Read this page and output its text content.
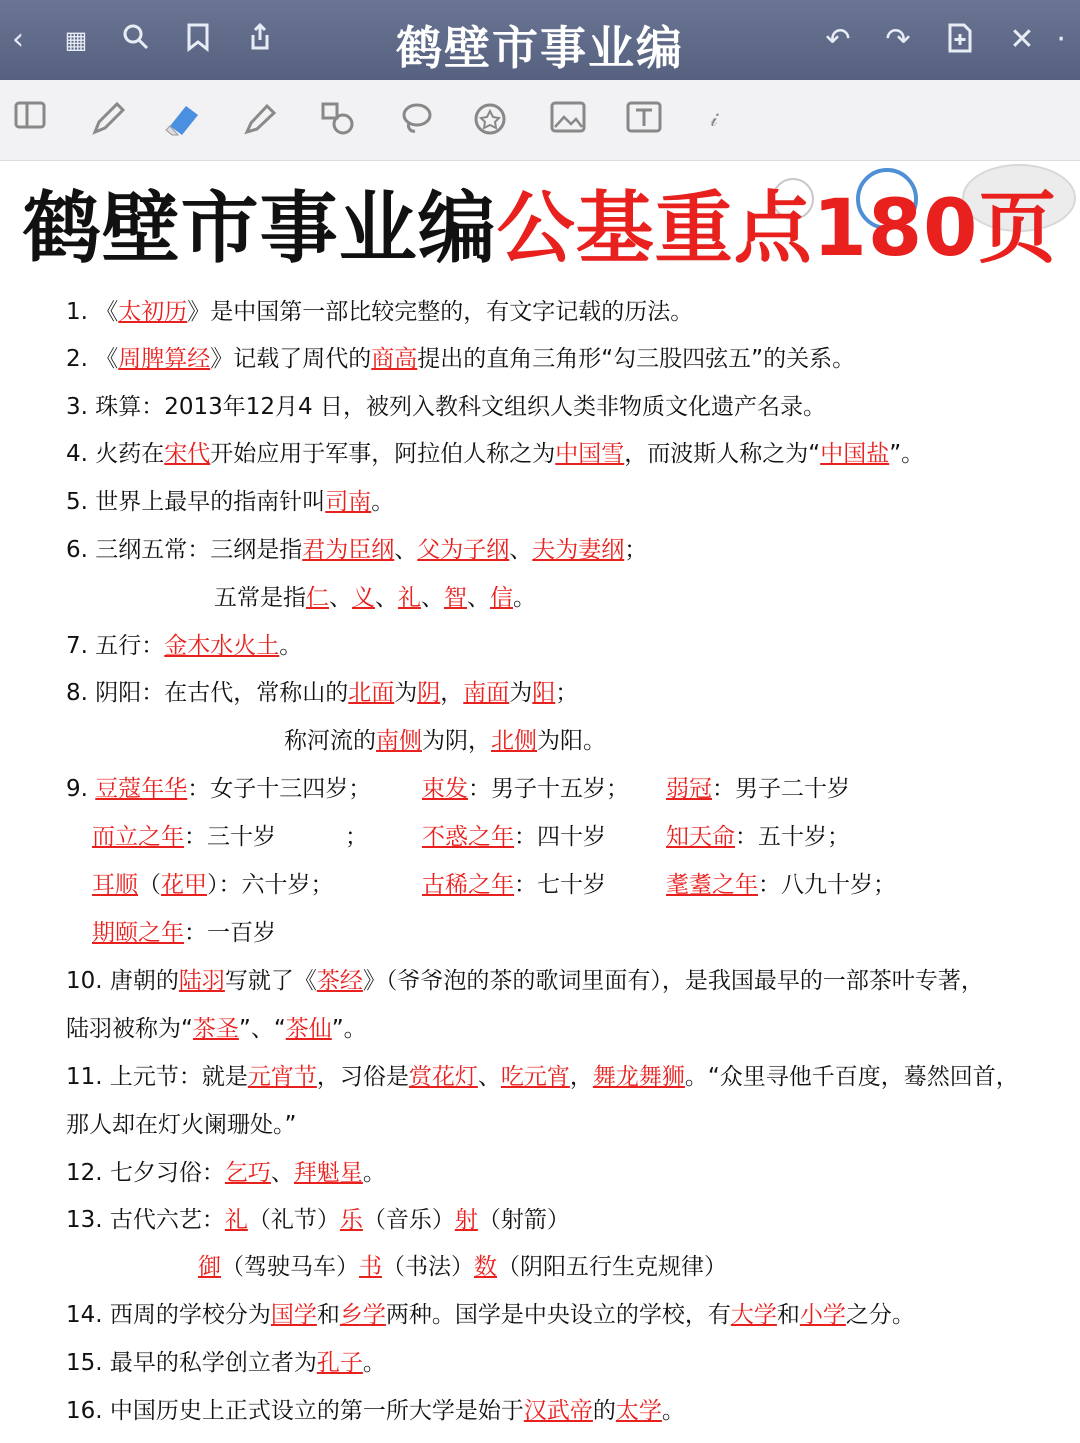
‹	▦	鹤壁市事业编	↶ ↷	✕ ⋅
𝒾
鹤壁市事业编公基重点180页
1. 《太初历》是中国第一部比较完整的，有文字记载的历法。
2. 《周脾算经》记载了周代的商高提出的直角三角形“勾三股四弦五”的关系。
3. 珠算：2013年12月4 日，被列入教科文组织人类非物质文化遗产名录。
4. 火药在宋代开始应用于军事，阿拉伯人称之为中国雪，而波斯人称之为“中国盐”。
5. 世界上最早的指南针叫司南。
6. 三纲五常：三纲是指君为臣纲、父为子纲、夫为妻纲；
五常是指仁、义、礼、智、信。
7. 五行：金木水火土。
8. 阴阳：在古代，常称山的北面为阴，南面为阳；
称河流的南侧为阴，北侧为阳。
9. 豆蔻年华：女子十三四岁； 束发：男子十五岁； 弱冠：男子二十岁
而立之年：三十岁　　　； 不惑之年：四十岁	知天命：五十岁；
耳顺（花甲）：六十岁；	古稀之年：七十岁	耄耋之年：八九十岁；
期颐之年：一百岁
10. 唐朝的陆羽写就了《茶经》（爷爷泡的茶的歌词里面有），是我国最早的一部茶叶专著，
陆羽被称为“茶圣”、“茶仙”。
11. 上元节：就是元宵节，习俗是赏花灯、吃元宵，舞龙舞狮。“众里寻他千百度，蓦然回首，
那人却在灯火阑珊处。”
12. 七夕习俗：乞巧、拜魁星。
13. 古代六艺：礼（礼节）乐（音乐）射（射箭）
御（驾驶马车）书（书法）数（阴阳五行生克规律）
14. 西周的学校分为国学和乡学两种。国学是中央设立的学校，有大学和小学之分。
15. 最早的私学创立者为孔子。
16. 中国历史上正式设立的第一所大学是始于汉武帝的太学。
